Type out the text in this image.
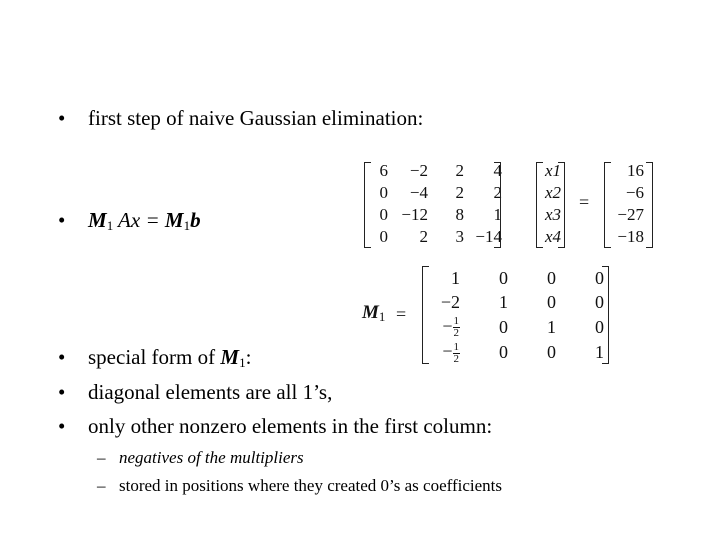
• first step of naive Gaussian elimination:
• $M_1$ $Ax = M_1b$
• special form of $M_1$:
• diagonal elements are all 1’s,
• only other nonzero elements in the first column:
– negatives of the multipliers
– stored in positions where they created 0’s as coefficients
6	−2	2	4
0	−4	2	2
0	−12	8	1
0	2	3	−14
x1
x2
x3
x4
=
16
−6
−27
−18
$M_1$ =
1	0	0	0
−2	1	0	0
− $\frac{1}{2}$	0	1	0
− $\frac{1}{2}$	0	0	1
